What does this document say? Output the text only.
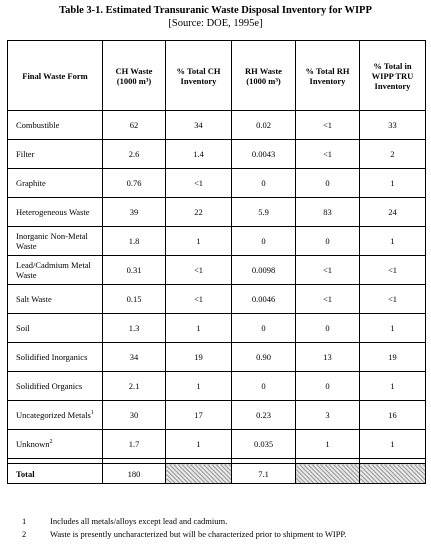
Table 3-1. Estimated Transuranic Waste Disposal Inventory for WIPP
[Source: DOE, 1995e]
Final Waste Form	CH Waste (1000 m³)	% Total CH Inventory	RH Waste (1000 m³)	% Total RH Inventory	% Total in WIPP TRU Inventory
Combustible	62	34	0.02	<1	33
Filter	2.6	1.4	0.0043	<1	2
Graphite	0.76	<1	0	0	1
Heterogeneous Waste	39	22	5.9	83	24
Inorganic Non-Metal Waste	1.8	1	0	0	1
Lead/Cadmium Metal Waste	0.31	<1	0.0098	<1	<1
Salt Waste	0.15	<1	0.0046	<1	<1
Soil	1.3	1	0	0	1
Solidified Inorganics	34	19	0.90	13	19
Solidified Organics	2.1	1	0	0	1
Uncategorized Metals$^1$	30	17	0.23	3	16
Unknown$^2$	1.7	1	0.035	1	1

Total	180		7.1		
1	Includes all metals/alloys except lead and cadmium.
2	Waste is presently uncharacterized but will be characterized prior to shipment to WIPP.
